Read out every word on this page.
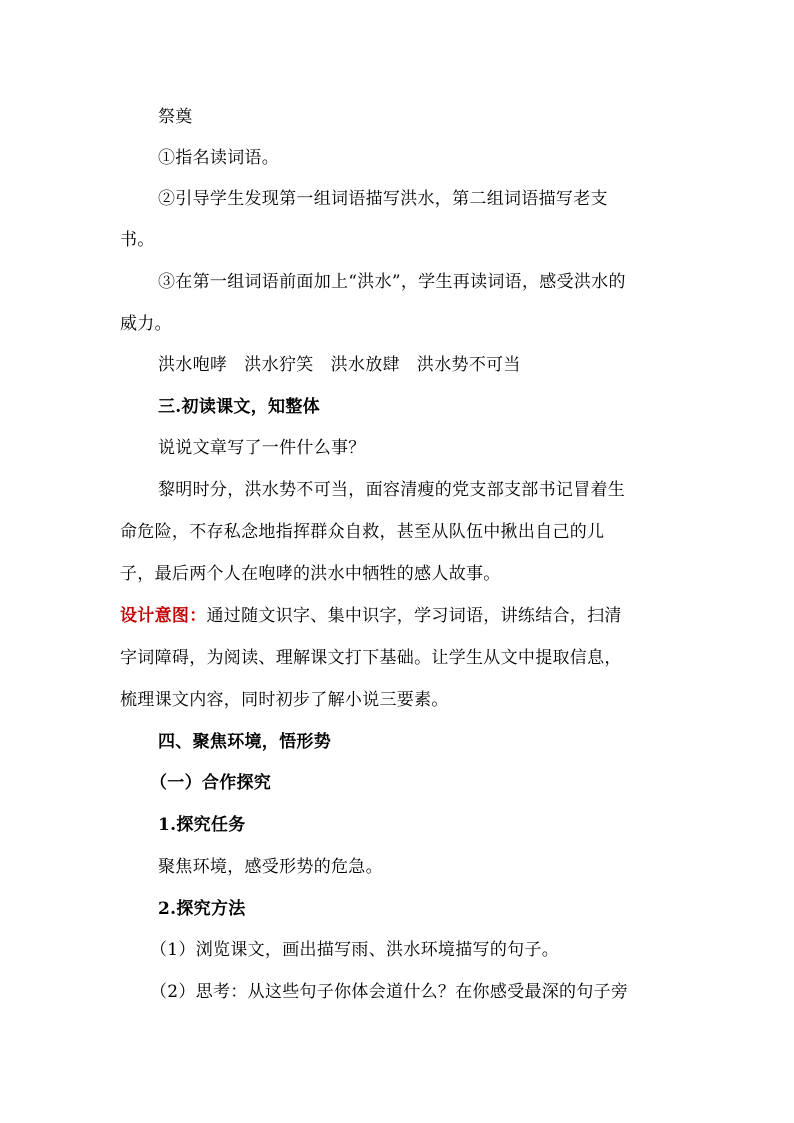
祭奠
①指名读词语。
②引导学生发现第一组词语描写洪水，第二组词语描写老支
书。
③在第一组词语前面加上“洪水”，学生再读词语，感受洪水的
威力。
洪水咆哮   洪水狞笑   洪水放肆   洪水势不可当
三.初读课文，知整体
说说文章写了一件什么事？
黎明时分，洪水势不可当，面容清瘦的党支部支部书记冒着生
命危险，不存私念地指挥群众自救，甚至从队伍中揪出自己的儿
子，最后两个人在咆哮的洪水中牺牲的感人故事。
设计意图：通过随文识字、集中识字，学习词语，讲练结合，扫清
字词障碍，为阅读、理解课文打下基础。让学生从文中提取信息，
梳理课文内容，同时初步了解小说三要素。
四、聚焦环境，悟形势
（一）合作探究
1.探究任务
聚焦环境，感受形势的危急。
2.探究方法
（1）浏览课文，画出描写雨、洪水环境描写的句子。
（2）思考：从这些句子你体会道什么？在你感受最深的句子旁
